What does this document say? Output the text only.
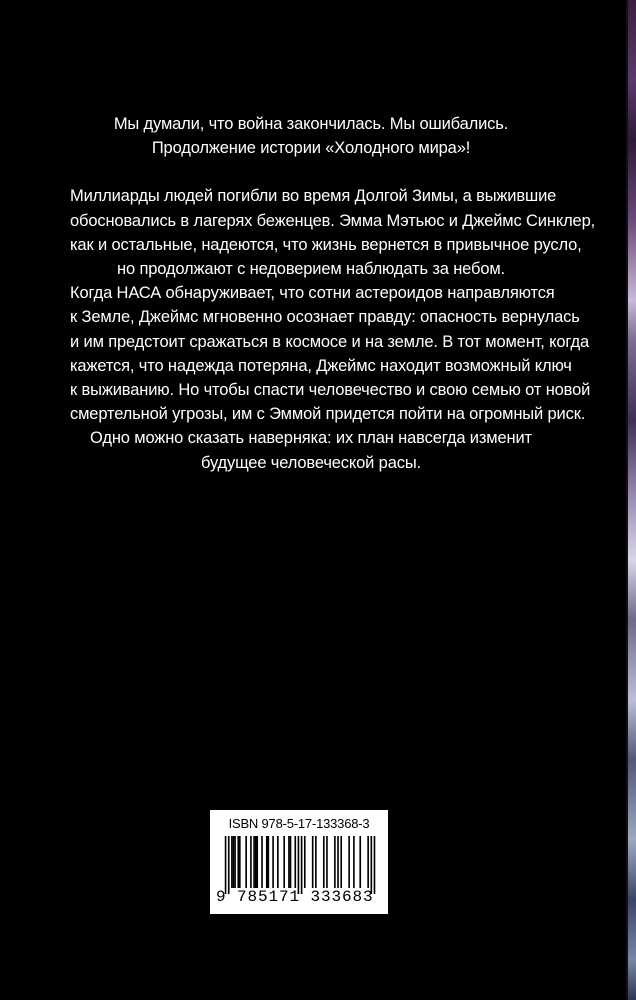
Мы думали, что война закончилась. Мы ошибались.
Продолжение истории «Холодного мира»!
Миллиарды людей погибли во время Долгой Зимы, а выжившие
обосновались в лагерях беженцев. Эмма Мэтьюс и Джеймс Синклер,
как и остальные, надеются, что жизнь вернется в привычное русло,
но продолжают с недоверием наблюдать за небом.
Когда НАСА обнаруживает, что сотни астероидов направляются
к Земле, Джеймс мгновенно осознает правду: опасность вернулась
и им предстоит сражаться в космосе и на земле. В тот момент, когда
кажется, что надежда потеряна, Джеймс находит возможный ключ
к выживанию. Но чтобы спасти человечество и свою семью от новой
смертельной угрозы, им с Эммой придется пойти на огромный риск.
Одно можно сказать наверняка: их план навсегда изменит
будущее человеческой расы.
ISBN 978-5-17-133368-3
9 785171 333683
